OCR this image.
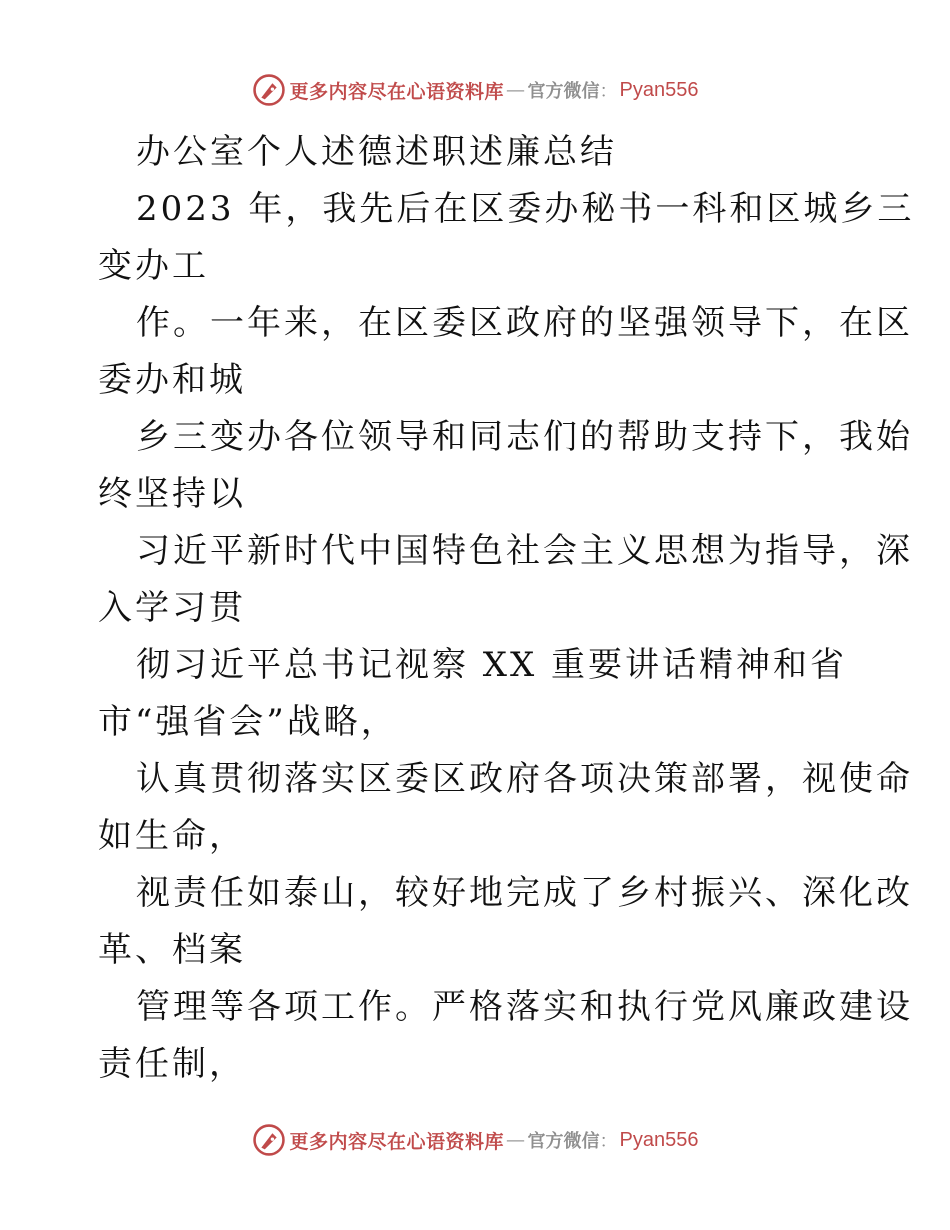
更多内容尽在心语资料库 — 官方微信 ： Pyan556
办公室个人述德述职述廉总结
2023 年，我先后在区委办秘书一科和区城乡三
变办工
作。一年来，在区委区政府的坚强领导下，在区
委办和城
乡三变办各位领导和同志们的帮助支持下，我始
终坚持以
习近平新时代中国特色社会主义思想为指导，深
入学习贯
彻习近平总书记视察 XX 重要讲话精神和省
市“强省会”战略，
认真贯彻落实区委区政府各项决策部署，视使命
如生命，
视责任如泰山，较好地完成了乡村振兴、深化改
革、档案
管理等各项工作。严格落实和执行党风廉政建设
责任制，
更多内容尽在心语资料库 — 官方微信 ： Pyan556
